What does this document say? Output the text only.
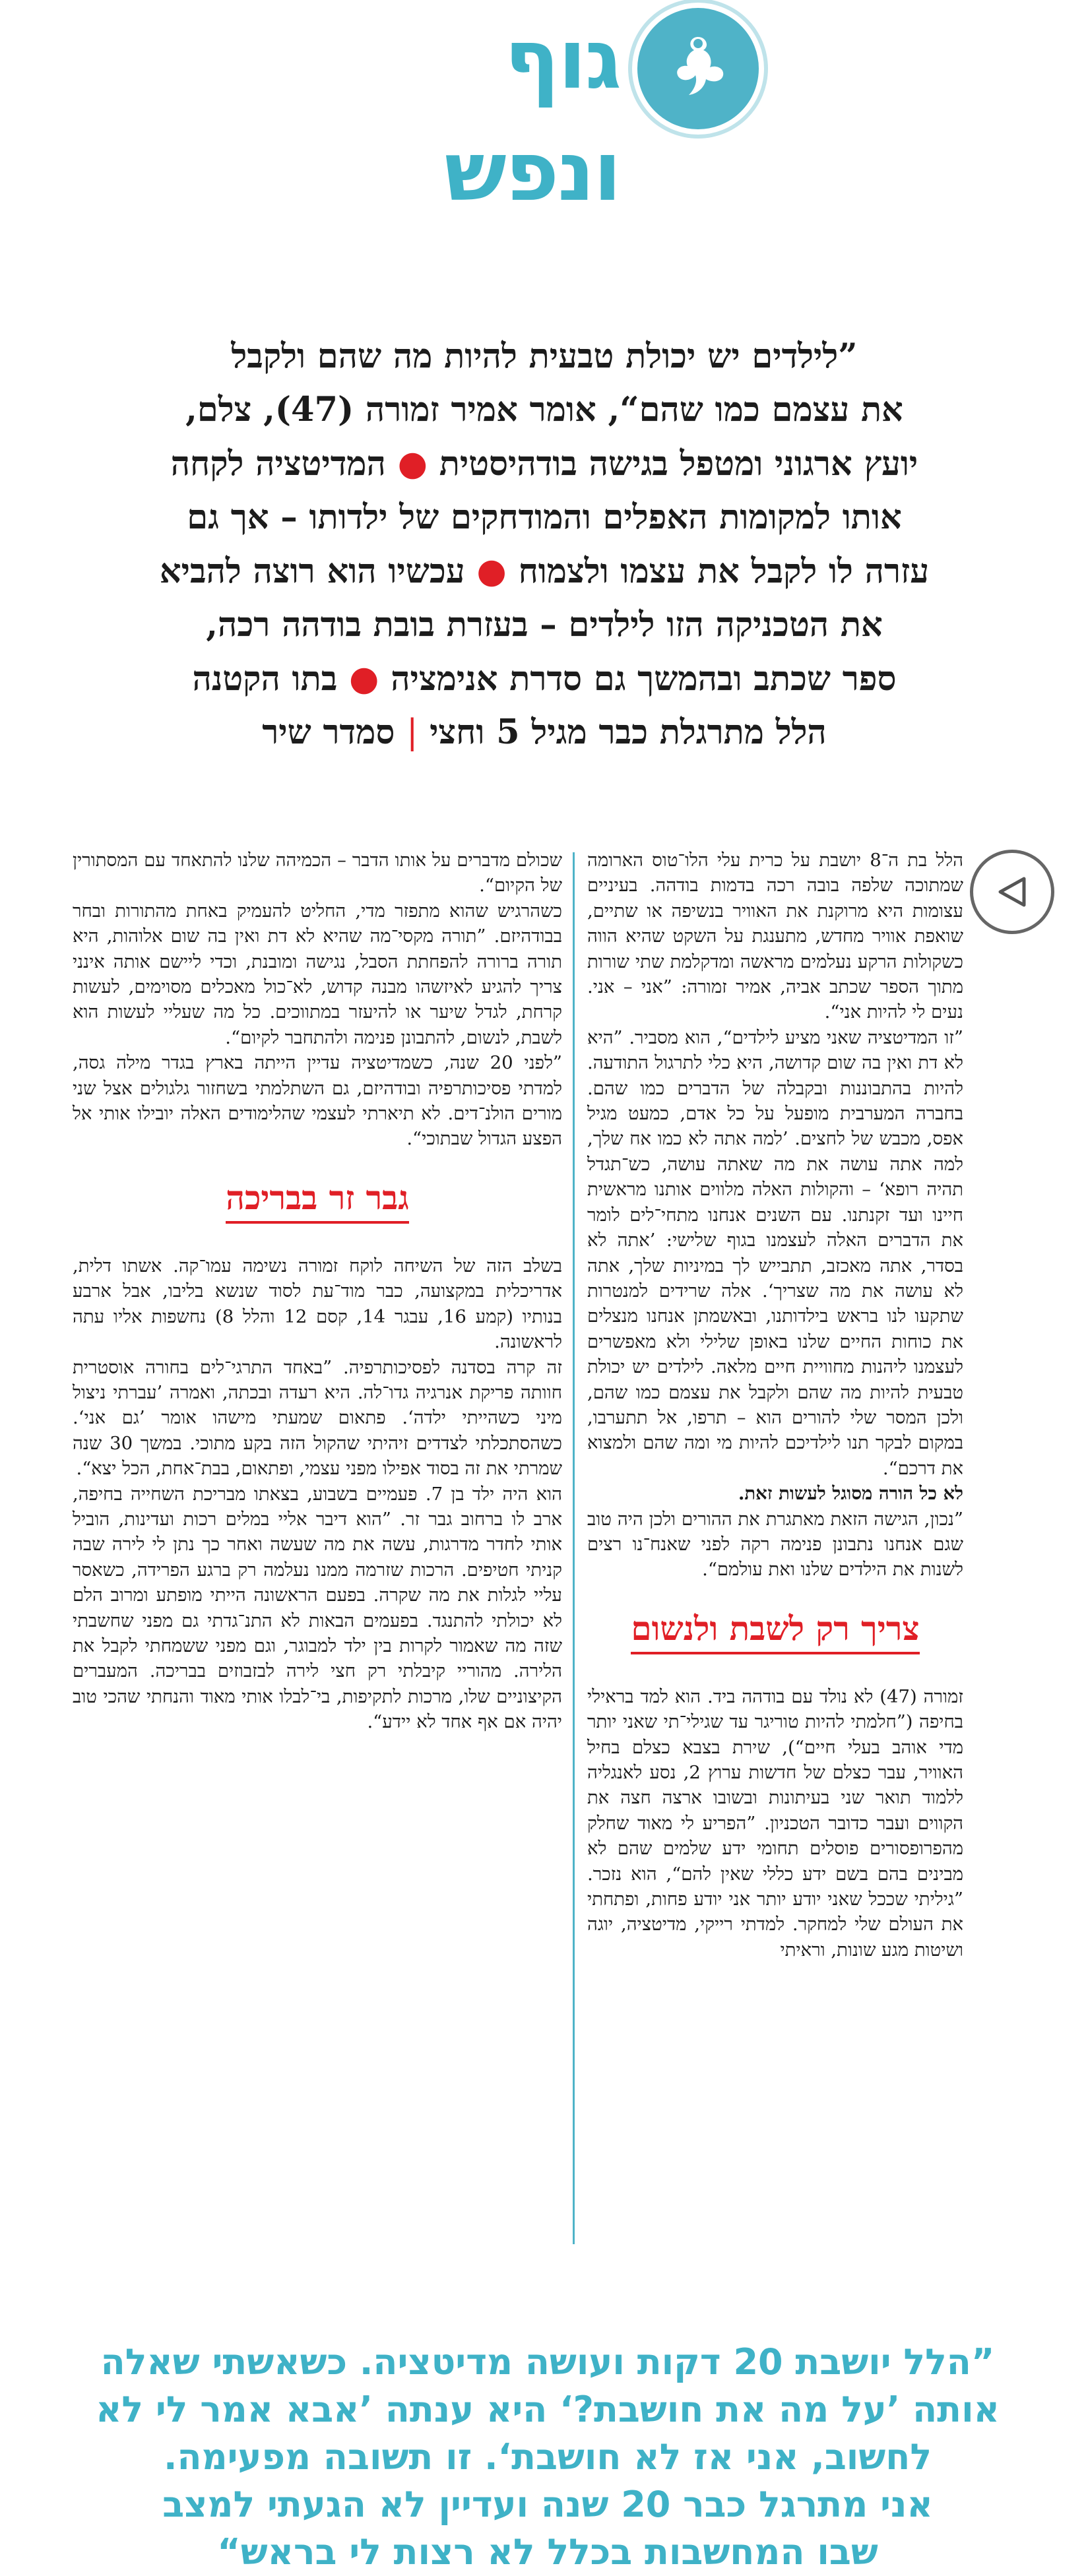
גוף ונפש
”לילדים יש יכולת טבעית להיות מה שהם ולקבל
את עצמם כמו שהם“, אומר אמיר זמורה (47), צלם,
יועץ ארגוני ומטפל בגישה בודהיסטית ● המדיטציה לקחה
אותו למקומות האפלים והמודחקים של ילדותו – אך גם
עזרה לו לקבל את עצמו ולצמוח ● עכשיו הוא רוצה להביא
את הטכניקה הזו לילדים – בעזרת בובת בודהה רכה,
ספר שכתב ובהמשך גם סדרת אנימציה ● בתו הקטנה
הלל מתרגלת כבר מגיל 5 וחצי | סמדר שיר

הלל בת ה־8 יושבת על כרית עלי הלו־טוס הארומה שמתוכה שלפה בובה רכה בדמות בודהה. בעיניים עצומות היא מרוקנת את האוויר בנשיפה או שתיים, שואפת אוויר מחדש, מתענגת על השקט שהיא הווה כשקולות הרקע נעלמים מראשה ומדקלמת שתי שורות מתוך הספר שכתב אביה, אמיר זמורה: ”אני – אני. נעים לי להיות אני“.

”זו המדיטציה שאני מציע לילדים“, הוא מסביר. ”היא לא דת ואין בה שום קדושה, היא כלי לתרגול התודעה. להיות בהתבוננות ובקבלה של הדברים כמו שהם. בחברה המערבית מופעל על כל אדם, כמעט מגיל אפס, מכבש של לחצים. ’למה אתה לא כמו אח שלך, למה אתה עושה את מה שאתה עושה, כש־תגדל תהיה רופא‘ – והקולות האלה מלווים אותנו מראשית חיינו ועד זקנתנו. עם השנים אנחנו מתחי־לים לומר את הדברים האלה לעצמנו בגוף שלישי: ’אתה לא בסדר, אתה מאכזב, תתבייש לך במיניות שלך, אתה לא עושה את מה שצריך‘. אלה שרידים למנטרות שתקעו לנו בראש בילדותנו, ובאשמתן אנחנו מנצלים את כוחות החיים שלנו באופן שלילי ולא מאפשרים לעצמנו ליהנות מחוויית חיים מלאה. לילדים יש יכולת טבעית להיות מה שהם ולקבל את עצמם כמו שהם, ולכן המסר שלי להורים הוא – תרפו, אל תתערבו, במקום לבקר תנו לילדיכם להיות מי ומה שהם ולמצוא את דרכם“.

לא כל הורה מסוגל לעשות זאת.

”נכון, הגישה הזאת מאתגרת את ההורים ולכן היה טוב שגם אנחנו נתבונן פנימה רקה לפני שאנח־נו רצים לשנות את הילדים שלנו ואת עולמם“.

צריך רק לשבת ולנשום

זמורה (47) לא נולד עם בודהה ביד. הוא למד בראילי בחיפה (”חלמתי להיות טוריגר עד שגילי־תי שאני יותר מדי אוהב בעלי חיים“), שירת בצבא כצלם בחיל האוויר, עבר כצלם של חדשות ערוץ 2, נסע לאנגליה ללמוד תואר שני בעיתונות ובשובו ארצה חצה את הקווים ועבר כדובר הטכניון. ”הפריע לי מאוד שחלק מהפרופסורים פוסלים תחומי ידע שלמים שהם לא מבינים בהם בשם ידע כללי שאין להם“, הוא נזכר. ”גיליתי שככל שאני יודע יותר אני יודע פחות, ופתחתי את העולם שלי למחקר. למדתי רייקי, מדיטציה, יוגה ושיטות מגע שונות, וראיתי

שכולם מדברים על אותו הדבר – הכמיהה שלנו להתאחד עם המסתורין של הקיום“.

כשהרגיש שהוא מתפזר מדי, החליט להעמיק באחת מהתורות ובחר בבודהיזם. ”תורה מקסי־מה שהיא לא דת ואין בה שום אלוהות, היא תורה ברורה להפחתת הסבל, נגישה ומובנת, וכדי ליישם אותה אינני צריך להגיע לאיזשהו מבנה קדוש, לא־כול מאכלים מסוימים, לעשות קרחת, לגדל שיער או להיעזר במתווכים. כל מה שעליי לעשות הוא לשבת, לנשום, להתבונן פנימה ולהתחבר לקיום“.

”לפני 20 שנה, כשמדיטציה עדיין הייתה בארץ בגדר מילה גסה, למדתי פסיכותרפיה ובודהיזם, גם השתלמתי בשחזור גלגולים אצל שני מורים הולנ־דים. לא תיארתי לעצמי שהלימודים האלה יובילו אותי אל הפצע הגדול שבתוכי“.

גבר זר בבריכה

בשלב הזה של השיחה לוקח זמורה נשימה עמו־קה. אשתו דלית, אדריכלית במקצועה, כבר מוד־עת לסוד שנשא בליבו, אבל ארבע בנותיו (קמע 16, עבגר 14, קסם 12 והלל 8) נחשפות אליו עתה לראשונה.

זה קרה בסדנה לפסיכותרפיה. ”באחד התרגי־לים בחורה אוסטרית חוותה פריקת אנרגיה גדו־לה. היא רעדה ובכתה, ואמרה ’עברתי ניצול מיני כשהייתי ילדה‘. פתאום שמעתי מישהו אומר ’גם אני‘. כשהסתכלתי לצדדים זיהיתי שהקול הזה בקע מתוכי. במשך 30 שנה שמרתי את זה בסוד אפילו מפני עצמי, ופתאום, בבת־אחת, הכל יצא“.

הוא היה ילד בן 7. פעמיים בשבוע, בצאתו מבריכת השחייה בחיפה, ארב לו ברחוב גבר זר. ”הוא דיבר אליי במלים רכות ועדינות, הוביל אותי לחדר מדרגות, עשה את מה שעשה ואחר כך נתן לי לירה שבה קניתי חטיפים. הרכות שזרמה ממנו נעלמה רק ברגע הפרידה, כשאסר עליי לגלות את מה שקרה. בפעם הראשונה הייתי מופתע ומרוב הלם לא יכולתי להתנגד. בפעמים הבאות לא התנ־גדתי גם מפני שחשבתי שזה מה שאמור לקרות בין ילד למבוגר, וגם מפני ששמחתי לקבל את הלירה. מהוריי קיבלתי רק חצי לירה לבזבוזים בבריכה. המעברים הקיצוניים שלו, מרכות לתקיפות, בי־לבלו אותי מאוד והנחתי שהכי טוב יהיה אם אף אחד לא יידע“.

”הלל יושבת 20 דקות ועושה מדיטציה. כשאשתי שאלה
אותה ’על מה את חושבת?‘ היא ענתה ’אבא אמר לי לא
לחשוב, אני אז לא חושבת‘. זו תשובה מפעימה.
אני מתרגל כבר 20 שנה ועדיין לא הגעתי למצב
שבו המחשבות בכלל לא רצות לי בראש“
